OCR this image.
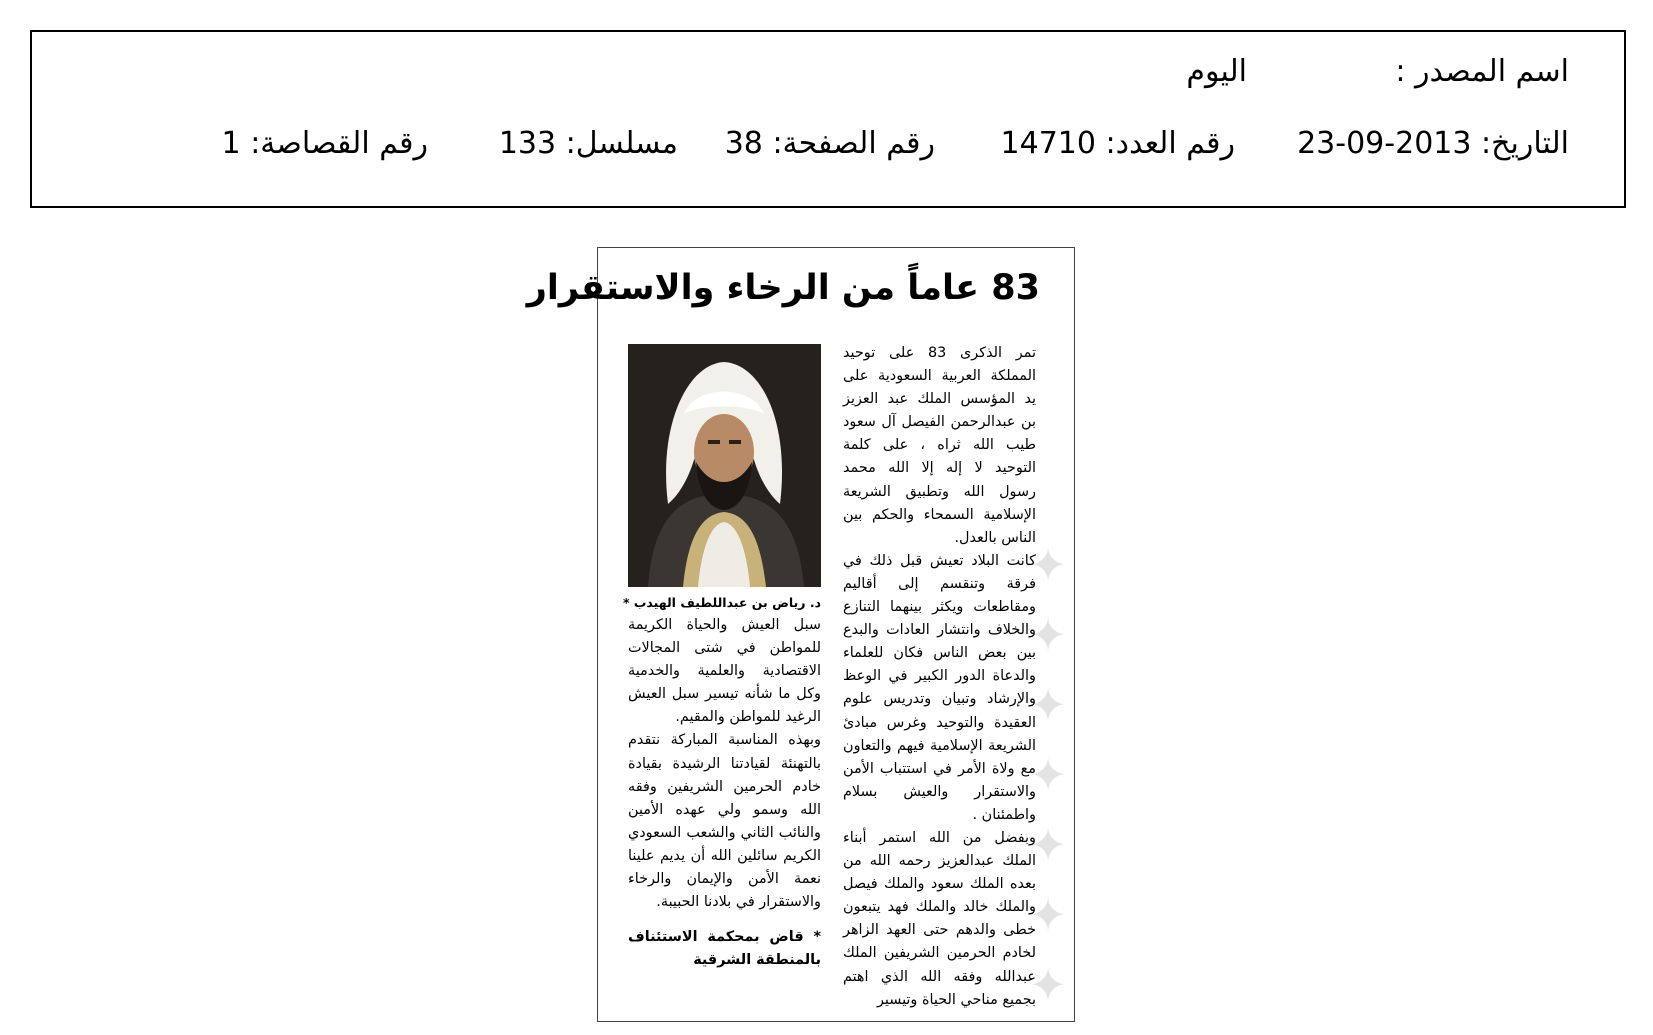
اسم المصدر :
اليوم
التاريخ: 2013-09-23
رقم العدد: 14710
رقم الصفحة: 38
مسلسل: 133
رقم القصاصة: 1
✦ ✦ ✦ ✦ ✦ ✦ ✦
83 عاماً من الرخاء والاستقرار

تمر الذكرى 83 على توحيد المملكة العربية السعودية على يد المؤسس الملك عبد العزيز بن عبدالرحمن الفيصل آل سعود طيب الله ثراه ، على كلمة التوحيد لا إله إلا الله محمد رسول الله وتطبيق الشريعة الإسلامية السمحاء والحكم بين الناس بالعدل.

كانت البلاد تعيش قبل ذلك في فرقة وتنقسم إلى أقاليم ومقاطعات ويكثر بينهما التنازع والخلاف وانتشار العادات والبدع بين بعض الناس فكان للعلماء والدعاة الدور الكبير في الوعظ والإرشاد وتبيان وتدريس علوم العقيدة والتوحيد وغرس مبادئ الشريعة الإسلامية فيهم والتعاون مع ولاة الأمر في استتباب الأمن والاستقرار والعيش بسلام واطمئنان .

وبفضل من الله استمر أبناء الملك عبدالعزيز رحمه الله من بعده الملك سعود والملك فيصل والملك خالد والملك فهد يتبعون خطى والدهم حتى العهد الزاهر لخادم الحرمين الشريفين الملك عبدالله وفقه الله الذي اهتم بجميع مناحي الحياة وتيسير

د. رياض بن عبداللطيف الهيدب *

سبل العيش والحياة الكريمة للمواطن في شتى المجالات الاقتصادية والعلمية والخدمية وكل ما شأنه تيسير سبل العيش الرغيد للمواطن والمقيم.

وبهذه المناسبة المباركة نتقدم بالتهنئة لقيادتنا الرشيدة بقيادة خادم الحرمين الشريفين وفقه الله وسمو ولي عهده الأمين والنائب الثاني والشعب السعودي الكريم سائلين الله أن يديم علينا نعمة الأمن والإيمان والرخاء والاستقرار في بلادنا الحبيبة.

* قاض بمحكمة الاستئناف بالمنطقة الشرقية
